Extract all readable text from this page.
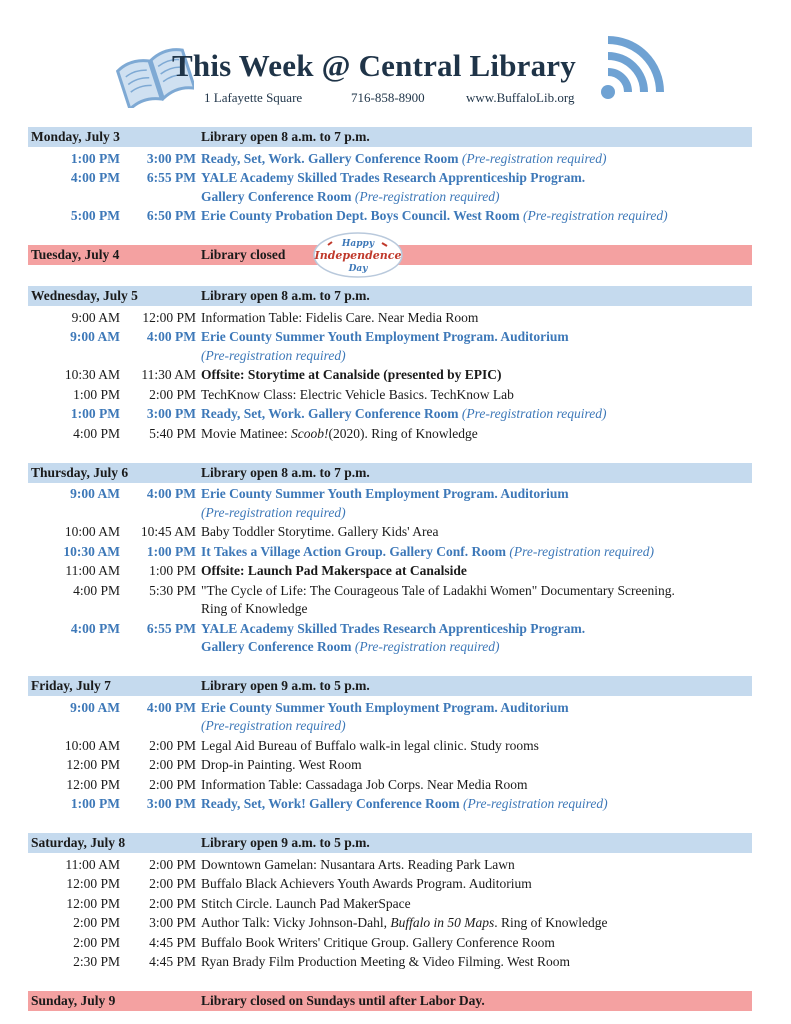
This Week @ Central Library
1 Lafayette Square	716-858-8900	www.BuffaloLib.org
Monday, July 3	Library open 8 a.m. to 7 p.m.
1:00 PM	3:00 PM Ready, Set, Work. Gallery Conference Room (Pre-registration required)
4:00 PM	6:55 PM YALE Academy Skilled Trades Research Apprenticeship Program.
Gallery Conference Room (Pre-registration required)
5:00 PM	6:50 PM Erie County Probation Dept. Boys Council. West Room (Pre-registration required)
Tuesday, July 4	Library closed
Happy
Independence
Day
Wednesday, July 5	Library open 8 a.m. to 7 p.m.
9:00 AM	12:00 PM Information Table: Fidelis Care. Near Media Room
9:00 AM	4:00 PM Erie County Summer Youth Employment Program. Auditorium
(Pre-registration required)
10:30 AM	11:30 AM Offsite: Storytime at Canalside (presented by EPIC)
1:00 PM	2:00 PM TechKnow Class: Electric Vehicle Basics. TechKnow Lab
1:00 PM	3:00 PM Ready, Set, Work. Gallery Conference Room (Pre-registration required)
4:00 PM	5:40 PM Movie Matinee: Scoob!(2020). Ring of Knowledge
Thursday, July 6	Library open 8 a.m. to 7 p.m.
9:00 AM	4:00 PM Erie County Summer Youth Employment Program. Auditorium
(Pre-registration required)
10:00 AM	10:45 AM Baby Toddler Storytime. Gallery Kids' Area
10:30 AM	1:00 PM It Takes a Village Action Group. Gallery Conf. Room (Pre-registration required)
11:00 AM	1:00 PM Offsite: Launch Pad Makerspace at Canalside
4:00 PM	5:30 PM "The Cycle of Life: The Courageous Tale of Ladakhi Women" Documentary Screening.
Ring of Knowledge
4:00 PM	6:55 PM YALE Academy Skilled Trades Research Apprenticeship Program.
Gallery Conference Room (Pre-registration required)
Friday, July 7	Library open 9 a.m. to 5 p.m.
9:00 AM	4:00 PM Erie County Summer Youth Employment Program. Auditorium
(Pre-registration required)
10:00 AM	2:00 PM Legal Aid Bureau of Buffalo walk-in legal clinic. Study rooms
12:00 PM	2:00 PM Drop-in Painting. West Room
12:00 PM	2:00 PM Information Table: Cassadaga Job Corps. Near Media Room
1:00 PM	3:00 PM Ready, Set, Work! Gallery Conference Room (Pre-registration required)
Saturday, July 8	Library open 9 a.m. to 5 p.m.
11:00 AM	2:00 PM Downtown Gamelan: Nusantara Arts. Reading Park Lawn
12:00 PM	2:00 PM Buffalo Black Achievers Youth Awards Program. Auditorium
12:00 PM	2:00 PM Stitch Circle. Launch Pad MakerSpace
2:00 PM	3:00 PM Author Talk: Vicky Johnson-Dahl, Buffalo in 50 Maps. Ring of Knowledge
2:00 PM	4:45 PM Buffalo Book Writers' Critique Group. Gallery Conference Room
2:30 PM	4:45 PM Ryan Brady Film Production Meeting & Video Filming. West Room
Sunday, July 9	Library closed on Sundays until after Labor Day.
